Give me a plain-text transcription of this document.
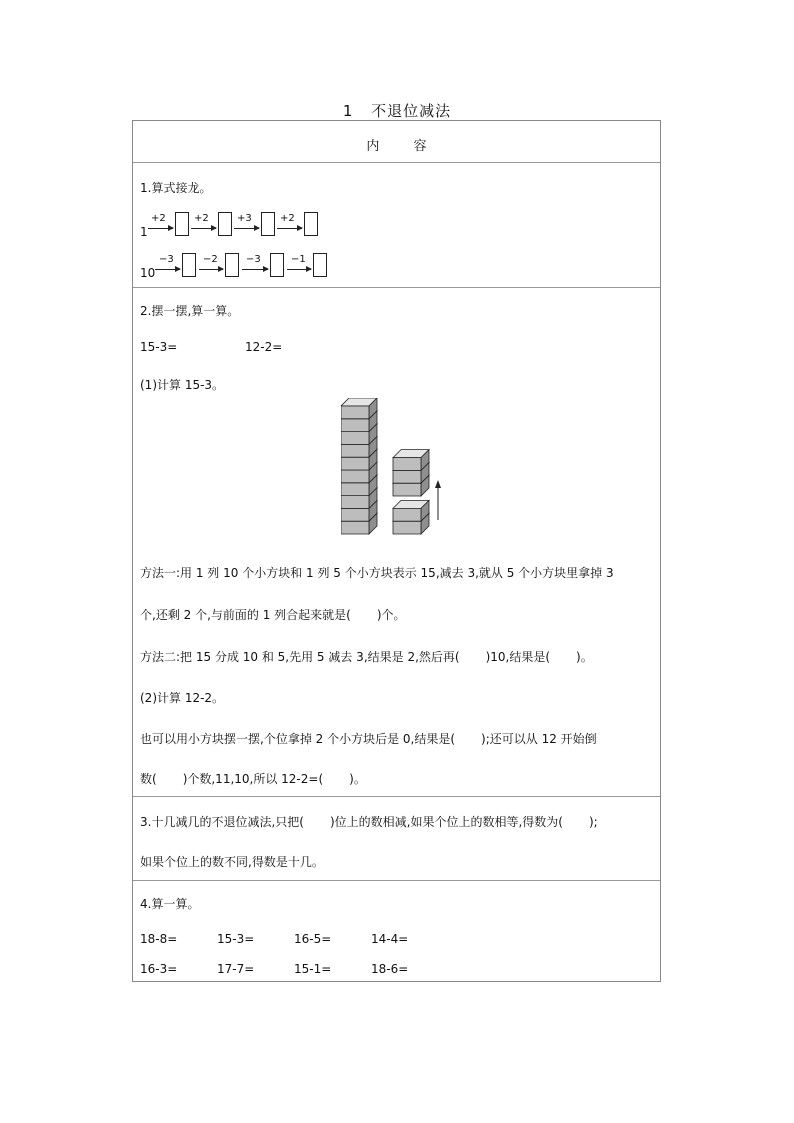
1 不退位减法
内 容
1.算式接龙。
1
+2	+2	+3	+2
10
−3	−2	−3	−1
2.摆一摆,算一算。
15-3=	12-2=
(1)计算 15-3。
方法一:用 1 列 10 个小方块和 1 列 5 个小方块表示 15,减去 3,就从 5 个小方块里拿掉 3
个,还剩 2 个,与前面的 1 列合起来就是( )个。
方法二:把 15 分成 10 和 5,先用 5 减去 3,结果是 2,然后再( )10,结果是( )。
(2)计算 12-2。
也可以用小方块摆一摆,个位拿掉 2 个小方块后是 0,结果是( );还可以从 12 开始倒
数( )个数,11,10,所以 12-2=( )。
3.十几减几的不退位减法,只把( )位上的数相减,如果个位上的数相等,得数为( );
如果个位上的数不同,得数是十几。
4.算一算。
18-8=	15-3=	16-5=	14-4=
16-3=	17-7=	15-1=	18-6=
